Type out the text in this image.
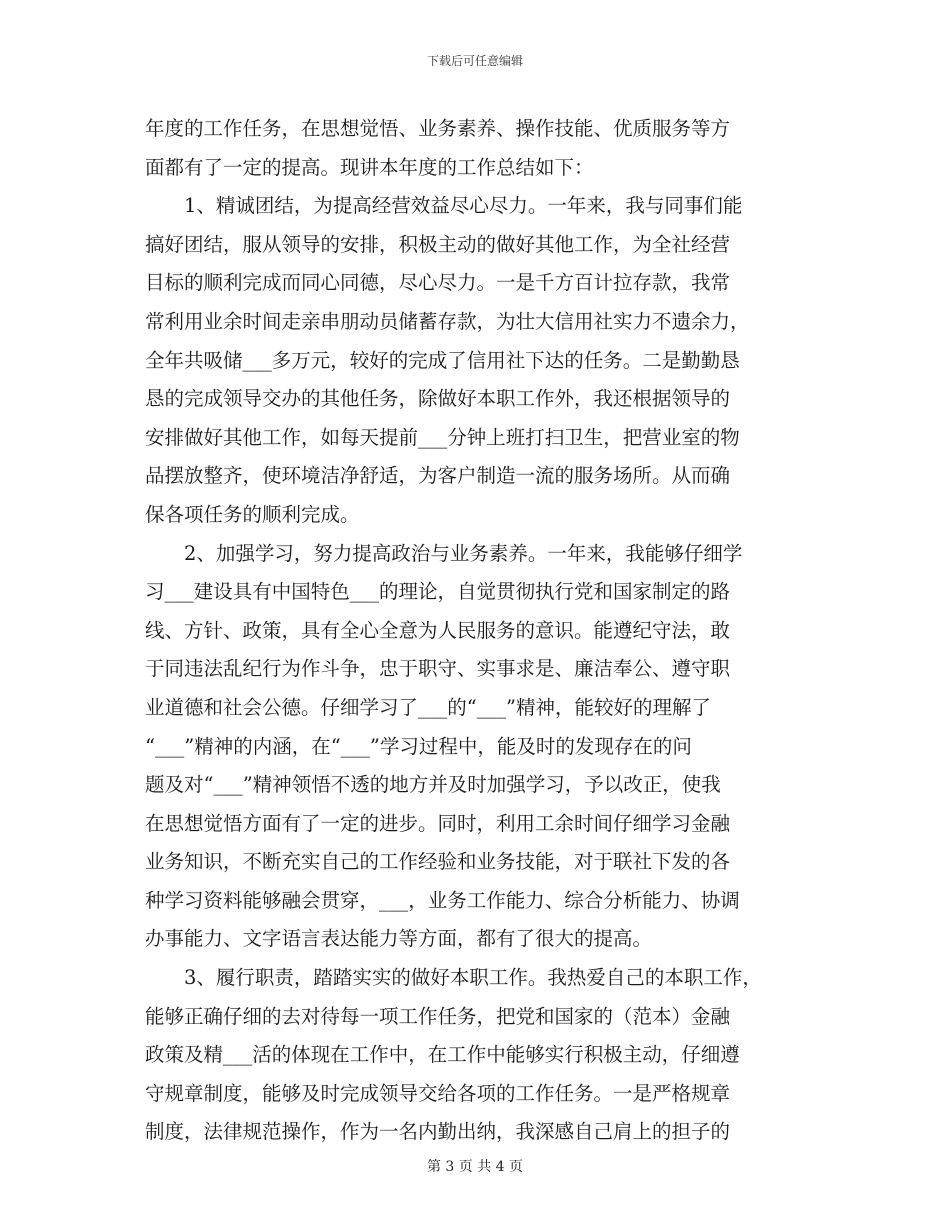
下载后可任意编辑
年度的工作任务，在思想觉悟、业务素养、操作技能、优质服务等方
面都有了一定的提高。现讲本年度的工作总结如下：
1、精诚团结，为提高经营效益尽心尽力。一年来，我与同事们能
搞好团结，服从领导的安排，积极主动的做好其他工作，为全社经营
目标的顺利完成而同心同德，尽心尽力。一是千方百计拉存款，我常
常利用业余时间走亲串朋动员储蓄存款，为壮大信用社实力不遗余力，
全年共吸储___多万元，较好的完成了信用社下达的任务。二是勤勤恳
恳的完成领导交办的其他任务，除做好本职工作外，我还根据领导的
安排做好其他工作，如每天提前___分钟上班打扫卫生，把营业室的物
品摆放整齐，使环境洁净舒适，为客户制造一流的服务场所。从而确
保各项任务的顺利完成。
2、加强学习，努力提高政治与业务素养。一年来，我能够仔细学
习___建设具有中国特色___的理论，自觉贯彻执行党和国家制定的路
线、方针、政策，具有全心全意为人民服务的意识。能遵纪守法，敢
于同违法乱纪行为作斗争，忠于职守、实事求是、廉洁奉公、遵守职
业道德和社会公德。仔细学习了___的“___”精神，能较好的理解了
“___”精神的内涵，在“___”学习过程中，能及时的发现存在的问
题及对“___”精神领悟不透的地方并及时加强学习，予以改正，使我
在思想觉悟方面有了一定的进步。同时，利用工余时间仔细学习金融
业务知识，不断充实自己的工作经验和业务技能，对于联社下发的各
种学习资料能够融会贯穿，___，业务工作能力、综合分析能力、协调
办事能力、文字语言表达能力等方面，都有了很大的提高。
3、履行职责，踏踏实实的做好本职工作。我热爱自己的本职工作，
能够正确仔细的去对待每一项工作任务，把党和国家的（范本）金融
政策及精___活的体现在工作中，在工作中能够实行积极主动，仔细遵
守规章制度，能够及时完成领导交给各项的工作任务。一是严格规章
制度，法律规范操作，作为一名内勤出纳，我深感自己肩上的担子的
第 3 页 共 4 页
